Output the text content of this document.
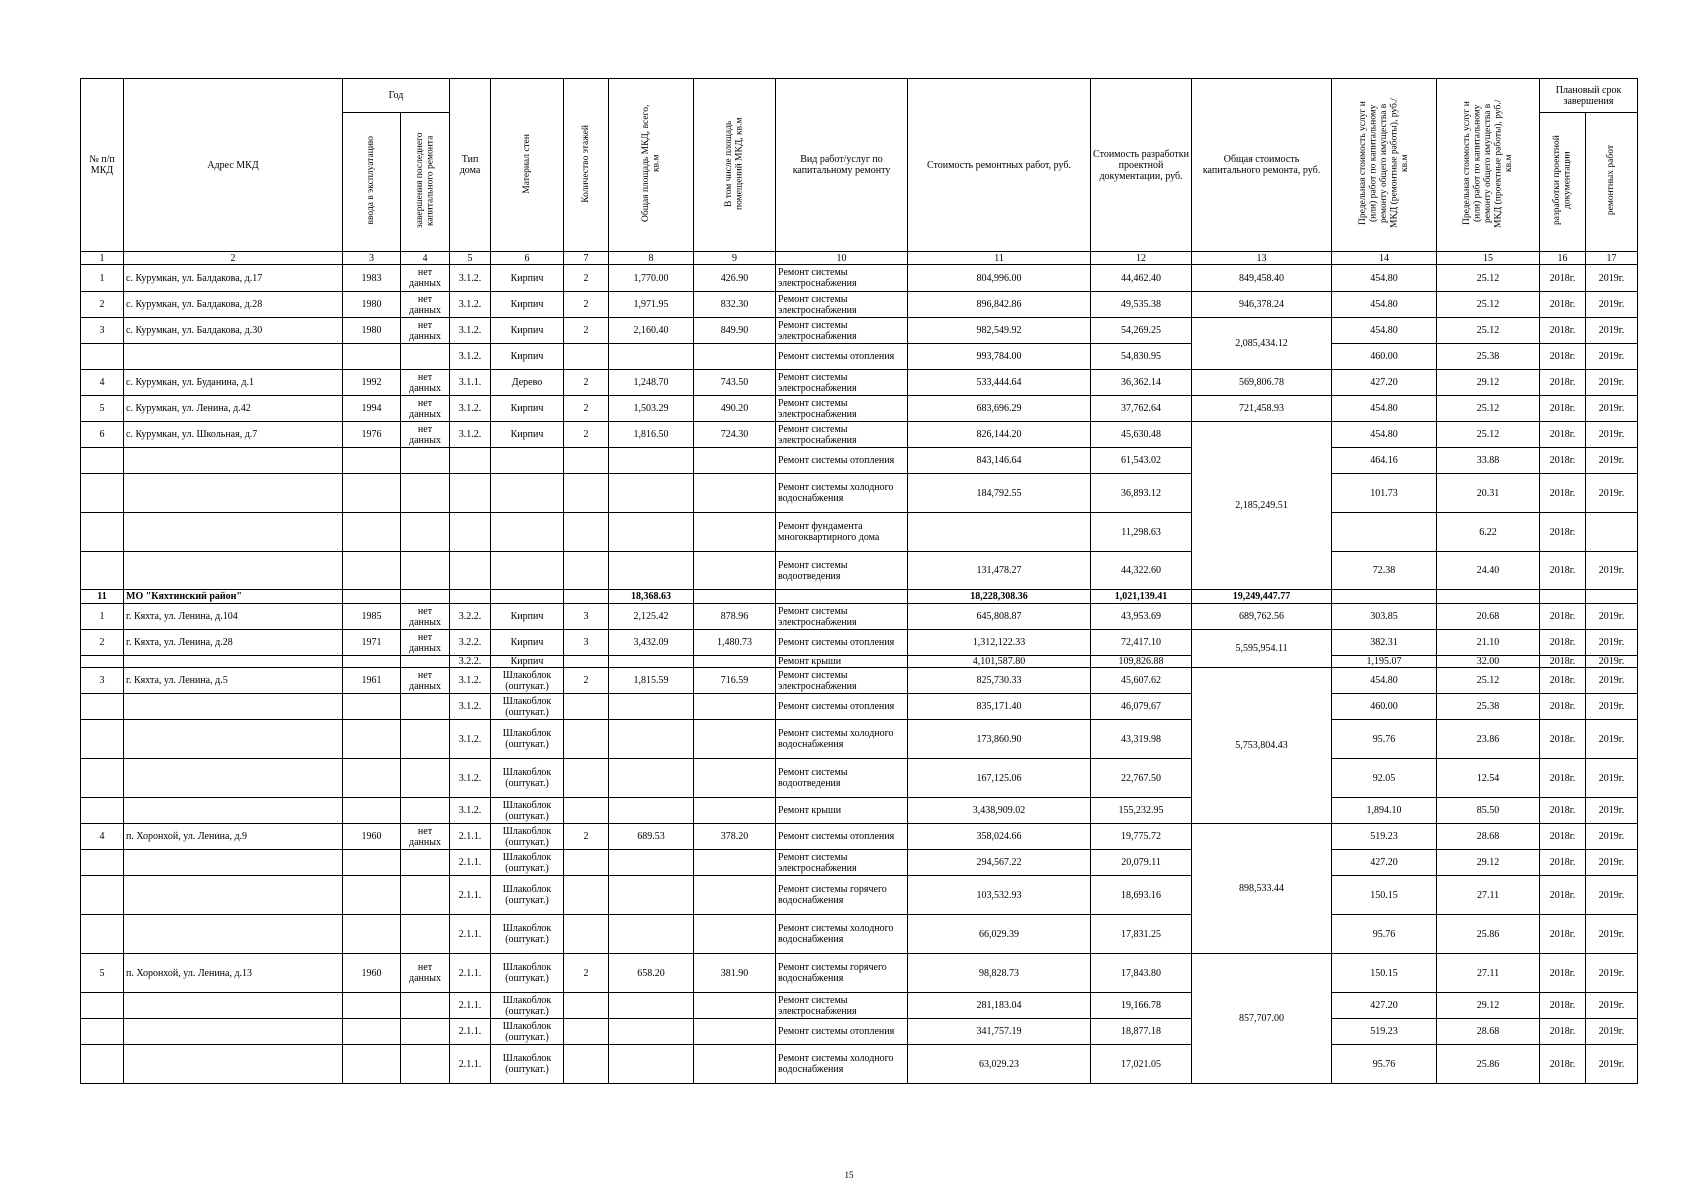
№ п/п МКД	Адрес МКД	Год		Тип дома	Материал стен	Количество этажей	Общая площадь МКД, всего, кв.м	В том числе площадь помещений МКД, кв.м	Вид работ/услуг по капитальному ремонту	Стоимость ремонтных работ, руб.	Стоимость разработки проектной документации, руб.	Общая стоимость капитального ремонта, руб.	Предельная стоимость услуг и (или) работ по капитальному ремонту общего имущества в МКД (ремонтные работы), руб./кв.м	Предельная стоимость услуг и (или) работ по капитальному ремонту общего имущества в МКД (проектные работы), руб./кв.м	Плановый срок завершения	
		ввода в эксплуатацию	завершения последнего капитального ремонта												разработки проектной документации	ремонтных работ
1	2	3	4	5	6	7	8	9	10	11	12	13	14	15	16	17
1	с. Курумкан, ул. Балдакова, д.17	1983	нет данных	3.1.2.	Кирпич	2	1,770.00	426.90	Ремонт системы электроснабжения	804,996.00	44,462.40	849,458.40	454.80	25.12	2018г.	2019г.
2	с. Курумкан, ул. Балдакова, д.28	1980	нет данных	3.1.2.	Кирпич	2	1,971.95	832.30	Ремонт системы электроснабжения	896,842.86	49,535.38	946,378.24	454.80	25.12	2018г.	2019г.
3	с. Курумкан, ул. Балдакова, д.30	1980	нет данных	3.1.2.	Кирпич	2	2,160.40	849.90	Ремонт системы электроснабжения	982,549.92	54,269.25	2,085,434.12	454.80	25.12	2018г.	2019г.
				3.1.2.	Кирпич				Ремонт системы отопления	993,784.00	54,830.95		460.00	25.38	2018г.	2019г.
4	с. Курумкан, ул. Буданина, д.1	1992	нет данных	3.1.1.	Дерево	2	1,248.70	743.50	Ремонт системы электроснабжения	533,444.64	36,362.14	569,806.78	427.20	29.12	2018г.	2019г.
5	с. Курумкан, ул. Ленина, д.42	1994	нет данных	3.1.2.	Кирпич	2	1,503.29	490.20	Ремонт системы электроснабжения	683,696.29	37,762.64	721,458.93	454.80	25.12	2018г.	2019г.
6	с. Курумкан, ул. Школьная, д.7	1976	нет данных	3.1.2.	Кирпич	2	1,816.50	724.30	Ремонт системы электроснабжения	826,144.20	45,630.48	2,185,249.51	454.80	25.12	2018г.	2019г.
									Ремонт системы отопления	843,146.64	61,543.02		464.16	33.88	2018г.	2019г.
									Ремонт системы холодного водоснабжения	184,792.55	36,893.12		101.73	20.31	2018г.	2019г.
									Ремонт фундамента многоквартирного дома		11,298.63			6.22	2018г.	
									Ремонт системы водоотведения	131,478.27	44,322.60		72.38	24.40	2018г.	2019г.
11	МО "Кяхтинский район"						18,368.63			18,228,308.36	1,021,139.41	19,249,447.77				
1	г. Кяхта, ул. Ленина, д.104	1985	нет данных	3.2.2.	Кирпич	3	2,125.42	878.96	Ремонт системы электроснабжения	645,808.87	43,953.69	689,762.56	303.85	20.68	2018г.	2019г.
2	г. Кяхта, ул. Ленина, д.28	1971	нет данных	3.2.2.	Кирпич	3	3,432.09	1,480.73	Ремонт системы отопления	1,312,122.33	72,417.10	5,595,954.11	382.31	21.10	2018г.	2019г.
				3.2.2.	Кирпич				Ремонт крыши	4,101,587.80	109,826.88		1,195.07	32.00	2018г.	2019г.
3	г. Кяхта, ул. Ленина, д.5	1961	нет данных	3.1.2.	Шлакоблок (оштукат.)	2	1,815.59	716.59	Ремонт системы электроснабжения	825,730.33	45,607.62	5,753,804.43	454.80	25.12	2018г.	2019г.
				3.1.2.	Шлакоблок (оштукат.)				Ремонт системы отопления	835,171.40	46,079.67		460.00	25.38	2018г.	2019г.
				3.1.2.	Шлакоблок (оштукат.)				Ремонт системы холодного водоснабжения	173,860.90	43,319.98		95.76	23.86	2018г.	2019г.
				3.1.2.	Шлакоблок (оштукат.)				Ремонт системы водоотведения	167,125.06	22,767.50		92.05	12.54	2018г.	2019г.
				3.1.2.	Шлакоблок (оштукат.)				Ремонт крыши	3,438,909.02	155,232.95		1,894.10	85.50	2018г.	2019г.
4	п. Хоронхой, ул. Ленина, д.9	1960	нет данных	2.1.1.	Шлакоблок (оштукат.)	2	689.53	378.20	Ремонт системы отопления	358,024.66	19,775.72	898,533.44	519.23	28.68	2018г.	2019г.
				2.1.1.	Шлакоблок (оштукат.)				Ремонт системы электроснабжения	294,567.22	20,079.11		427.20	29.12	2018г.	2019г.
				2.1.1.	Шлакоблок (оштукат.)				Ремонт системы горячего водоснабжения	103,532.93	18,693.16		150.15	27.11	2018г.	2019г.
				2.1.1.	Шлакоблок (оштукат.)				Ремонт системы холодного водоснабжения	66,029.39	17,831.25		95.76	25.86	2018г.	2019г.
5	п. Хоронхой, ул. Ленина, д.13	1960	нет данных	2.1.1.	Шлакоблок (оштукат.)	2	658.20	381.90	Ремонт системы горячего водоснабжения	98,828.73	17,843.80	857,707.00	150.15	27.11	2018г.	2019г.
				2.1.1.	Шлакоблок (оштукат.)				Ремонт системы электроснабжения	281,183.04	19,166.78		427.20	29.12	2018г.	2019г.
				2.1.1.	Шлакоблок (оштукат.)				Ремонт системы отопления	341,757.19	18,877.18		519.23	28.68	2018г.	2019г.
				2.1.1.	Шлакоблок (оштукат.)				Ремонт системы холодного водоснабжения	63,029.23	17,021.05		95.76	25.86	2018г.	2019г.
15
